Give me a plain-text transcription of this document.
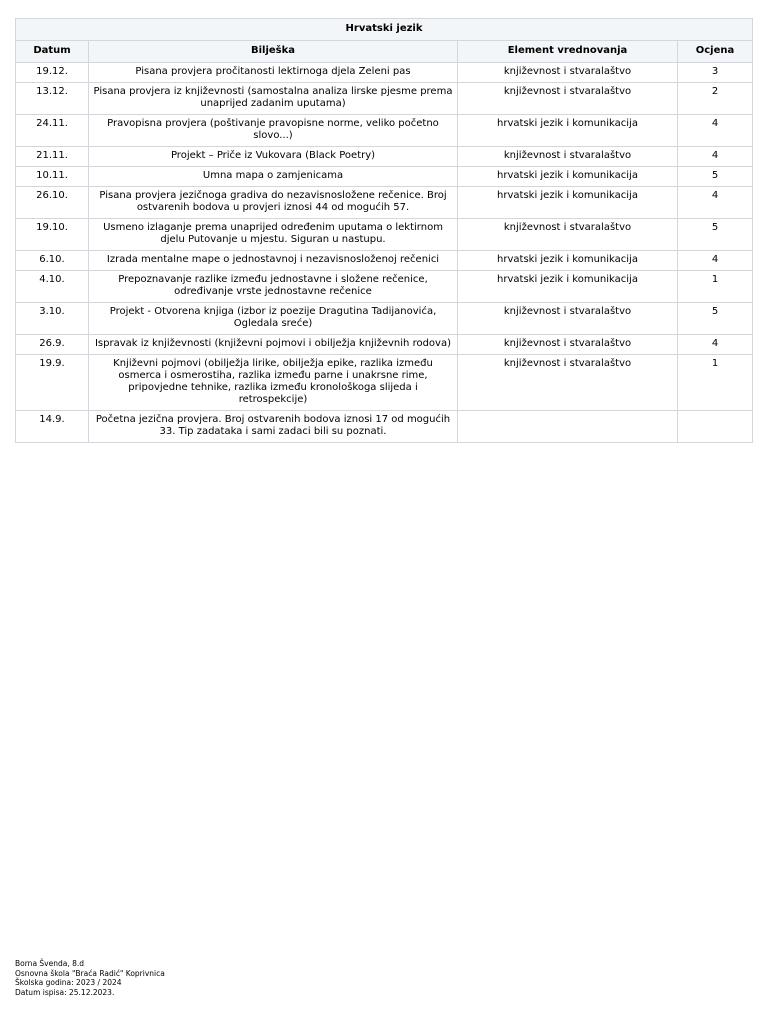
Hrvatski jezik			
Datum	Bilješka	Element vrednovanja	Ocjena
19.12.	Pisana provjera pročitanosti lektirnoga djela Zeleni pas	književnost i stvaralaštvo	3
13.12.	Pisana provjera iz književnosti (samostalna analiza lirske pjesme prema unaprijed zadanim uputama)	književnost i stvaralaštvo	2
24.11.	Pravopisna provjera (poštivanje pravopisne norme, veliko početno slovo...)	hrvatski jezik i komunikacija	4
21.11.	Projekt – Priče iz Vukovara (Black Poetry)	književnost i stvaralaštvo	4
10.11.	Umna mapa o zamjenicama	hrvatski jezik i komunikacija	5
26.10.	Pisana provjera jezičnoga gradiva do nezavisnosložene rečenice. Broj ostvarenih bodova u provjeri iznosi 44 od mogućih 57.	hrvatski jezik i komunikacija	4
19.10.	Usmeno izlaganje prema unaprijed određenim uputama o lektirnom djelu Putovanje u mjestu. Siguran u nastupu.	književnost i stvaralaštvo	5
6.10.	Izrada mentalne mape o jednostavnoj i nezavisnosloženoj rečenici	hrvatski jezik i komunikacija	4
4.10.	Prepoznavanje razlike između jednostavne i složene rečenice, određivanje vrste jednostavne rečenice	hrvatski jezik i komunikacija	1
3.10.	Projekt - Otvorena knjiga (izbor iz poezije Dragutina Tadijanovića, Ogledala sreće)	književnost i stvaralaštvo	5
26.9.	Ispravak iz književnosti (književni pojmovi i obilježja književnih rodova)	književnost i stvaralaštvo	4
19.9.	Književni pojmovi (obilježja lirike, obilježja epike, razlika između osmerca i osmerostiha, razlika između parne i unakrsne rime, pripovjedne tehnike, razlika između kronološkoga slijeda i retrospekcije)	književnost i stvaralaštvo	1
14.9.	Početna jezična provjera. Broj ostvarenih bodova iznosi 17 od mogućih 33. Tip zadataka i sami zadaci bili su poznati.		
Borna Švenda, 8.d
Osnovna škola "Braća Radić" Koprivnica
Školska godina: 2023 / 2024
Datum ispisa: 25.12.2023.
